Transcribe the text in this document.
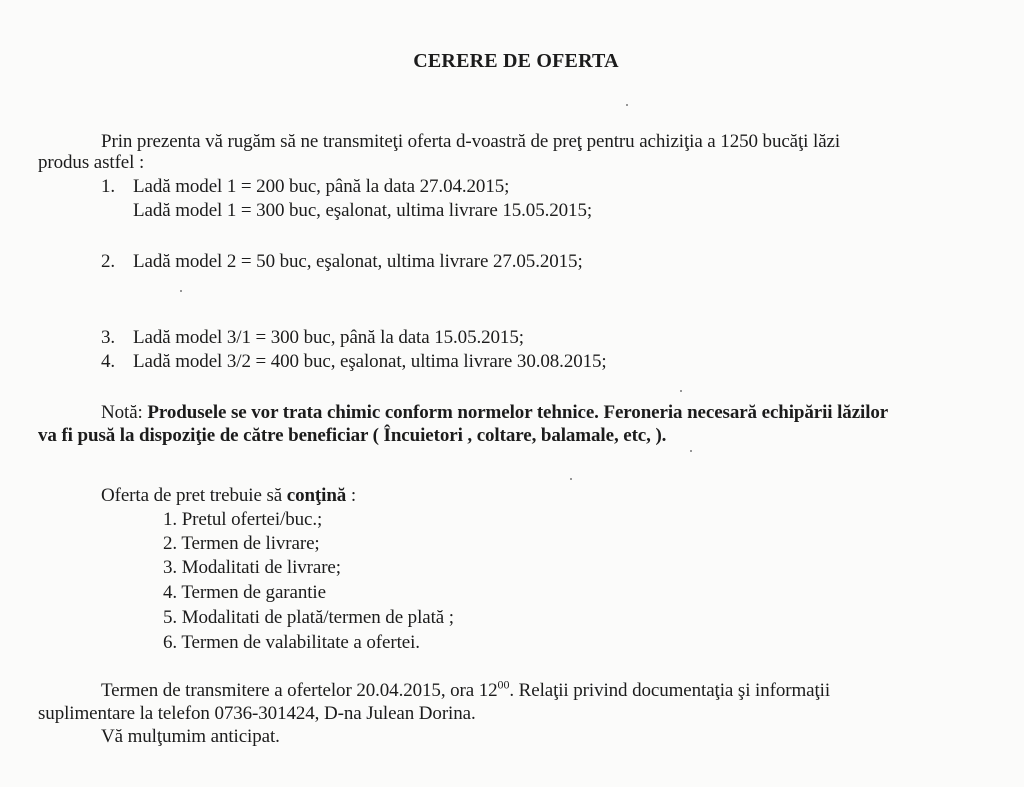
CERERE DE OFERTA
Prin prezenta vă rugăm să ne transmiteţi oferta d-voastră de preţ pentru achiziţia a 1250 bucăţi lăzi
produs astfel :
1. Ladă model 1 = 200 buc, până la data 27.04.2015;
Ladă model 1 = 300 buc, eşalonat, ultima livrare 15.05.2015;
2. Ladă model 2 = 50 buc, eşalonat, ultima livrare 27.05.2015;
3. Ladă model 3/1 = 300 buc, până la data 15.05.2015;
4. Ladă model 3/2 = 400 buc, eşalonat, ultima livrare 30.08.2015;
Notă: Produsele se vor trata chimic conform normelor tehnice. Feroneria necesară echipării lăzilor
va fi pusă la dispoziţie de către beneficiar ( Încuietori , coltare, balamale, etc, ).
Oferta de pret trebuie să conţină :
1. Pretul ofertei/buc.;
2. Termen de livrare;
3. Modalitati de livrare;
4. Termen de garantie
5. Modalitati de plată/termen de plată ;
6. Termen de valabilitate a ofertei.
Termen de transmitere a ofertelor 20.04.2015, ora $12^{00}$. Relaţii privind documentaţia şi informaţii
suplimentare la telefon 0736-301424, D-na Julean Dorina.
Vă mulţumim anticipat.
